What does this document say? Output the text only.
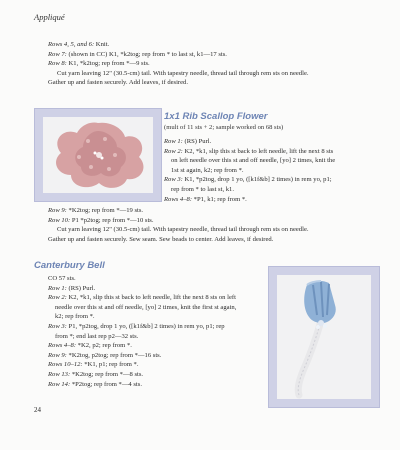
Appliqué
Rows 4, 5, and 6: Knit.
Row 7: (shown in CC) K1, *k2tog; rep from * to last st, k1—17 sts.
Row 8: K1, *k2tog; rep from *—9 sts.
Cut yarn leaving 12" (30.5-cm) tail. With tapestry needle, thread tail through rem sts on needle.
Gather up and fasten securely. Add leaves, if desired.
1x1 Rib Scallop Flower
(mult of 11 sts + 2; sample worked on 68 sts)
Row 1: (RS) Purl.
Row 2: K2, *k1, slip this st back to left needle, lift the next 8 sts
on left needle over this st and off needle, [yo] 2 times, knit the
1st st again, k2; rep from *.
Row 3: K1, *p2tog, drop 1 yo, ([k1f&b] 2 times) in rem yo, p1;
rep from * to last st, k1.
Rows 4–8: *P1, k1; rep from *.
Row 9: *K2tog; rep from *—19 sts.
Row 10: P1 *p2tog; rep from *—10 sts.
Cut yarn leaving 12" (30.5-cm) tail. With tapestry needle, thread tail through rem sts on needle.
Gather up and fasten securely. Sew seam. Sew beads to center. Add leaves, if desired.
Canterbury Bell
CO 57 sts.
Row 1: (RS) Purl.
Row 2: K2, *k1, slip this st back to left needle, lift the next 8 sts on left
needle over this st and off needle, [yo] 2 times, knit the first st again,
k2; rep from *.
Row 3: P1, *p2tog, drop 1 yo, ([k1f&b] 2 times) in rem yo, p1; rep
from *; end last rep p2—32 sts.
Rows 4–8: *K2, p2; rep from *.
Row 9: *K2tog, p2tog; rep from *—16 sts.
Rows 10–12: *K1, p1; rep from *.
Row 13: *K2tog; rep from *—8 sts.
Row 14: *P2tog; rep from *—4 sts.
24
